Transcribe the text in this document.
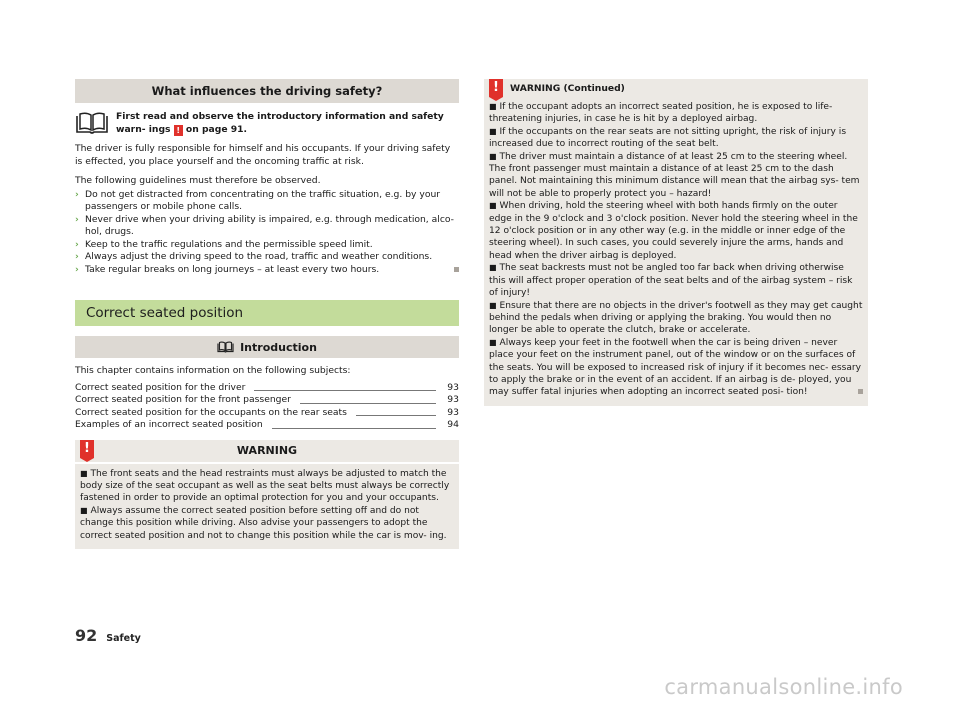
What influences the driving safety?
First read and observe the introductory information and safety warn- ings ! on page 91.

The driver is fully responsible for himself and his occupants. If your driving safety is effected, you place yourself and the oncoming traffic at risk.

The following guidelines must therefore be observed.

› Do not get distracted from concentrating on the traffic situation, e.g. by your passengers or mobile phone calls.
› Never drive when your driving ability is impaired, e.g. through medication, alco- hol, drugs.
› Keep to the traffic regulations and the permissible speed limit.
› Always adjust the driving speed to the road, traffic and weather conditions.
› Take regular breaks on long journeys – at least every two hours.
Correct seated position
Introduction

This chapter contains information on the following subjects:

Correct seated position for the driver	93
Correct seated position for the front passenger	93
Correct seated position for the occupants on the rear seats	93
Examples of an incorrect seated position	94
!	WARNING
■ The front seats and the head restraints must always be adjusted to match the body size of the seat occupant as well as the seat belts must always be correctly fastened in order to provide an optimal protection for you and your occupants.
■ Always assume the correct seated position before setting off and do not change this position while driving. Also advise your passengers to adopt the correct seated position and not to change this position while the car is mov- ing.
!	WARNING (Continued)
■ If the occupant adopts an incorrect seated position, he is exposed to life- threatening injuries, in case he is hit by a deployed airbag.
■ If the occupants on the rear seats are not sitting upright, the risk of injury is increased due to incorrect routing of the seat belt.
■ The driver must maintain a distance of at least 25 cm to the steering wheel. The front passenger must maintain a distance of at least 25 cm to the dash panel. Not maintaining this minimum distance will mean that the airbag sys- tem will not be able to properly protect you – hazard!
■ When driving, hold the steering wheel with both hands firmly on the outer edge in the 9 o'clock and 3 o'clock position. Never hold the steering wheel in the 12 o'clock position or in any other way (e.g. in the middle or inner edge of the steering wheel). In such cases, you could severely injure the arms, hands and head when the driver airbag is deployed.
■ The seat backrests must not be angled too far back when driving otherwise this will affect proper operation of the seat belts and of the airbag system – risk of injury!
■ Ensure that there are no objects in the driver's footwell as they may get caught behind the pedals when driving or applying the braking. You would then no longer be able to operate the clutch, brake or accelerate.
■ Always keep your feet in the footwell when the car is being driven – never place your feet on the instrument panel, out of the window or on the surfaces of the seats. You will be exposed to increased risk of injury if it becomes nec- essary to apply the brake or in the event of an accident. If an airbag is de- ployed, you may suffer fatal injuries when adopting an incorrect seated posi- tion!
92 Safety
carmanualsonline.info
